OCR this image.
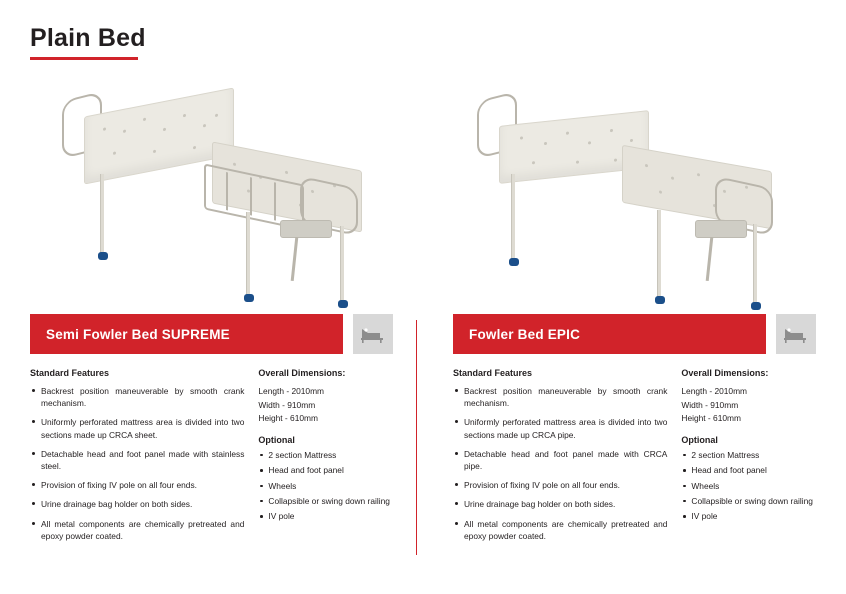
Plain Bed
Semi Fowler Bed SUPREME
Standard Features
Backrest position maneuverable by smooth crank mechanism.
Uniformly perforated mattress area is divided into two sections made up CRCA sheet.
Detachable head and foot panel made with stainless steel.
Provision of fixing IV pole on all four ends.
Urine drainage bag holder on both sides.
All metal components are chemically pretreated and epoxy powder coated.
Overall Dimensions:
Length - 2010mm
Width - 910mm
Height - 610mm
Optional
2 section Mattress
Head and foot panel
Wheels
Collapsible or swing down railing
IV pole
Fowler Bed EPIC
Standard Features
Backrest position maneuverable by smooth crank mechanism.
Uniformly perforated mattress area is divided into two sections made up CRCA pipe.
Detachable head and foot panel made with CRCA pipe.
Provision of fixing IV pole on all four ends.
Urine drainage bag holder on both sides.
All metal components are chemically pretreated and epoxy powder coated.
Overall Dimensions:
Length - 2010mm
Width - 910mm
Height - 610mm
Optional
2 section Mattress
Head and foot panel
Wheels
Collapsible or swing down railing
IV pole
